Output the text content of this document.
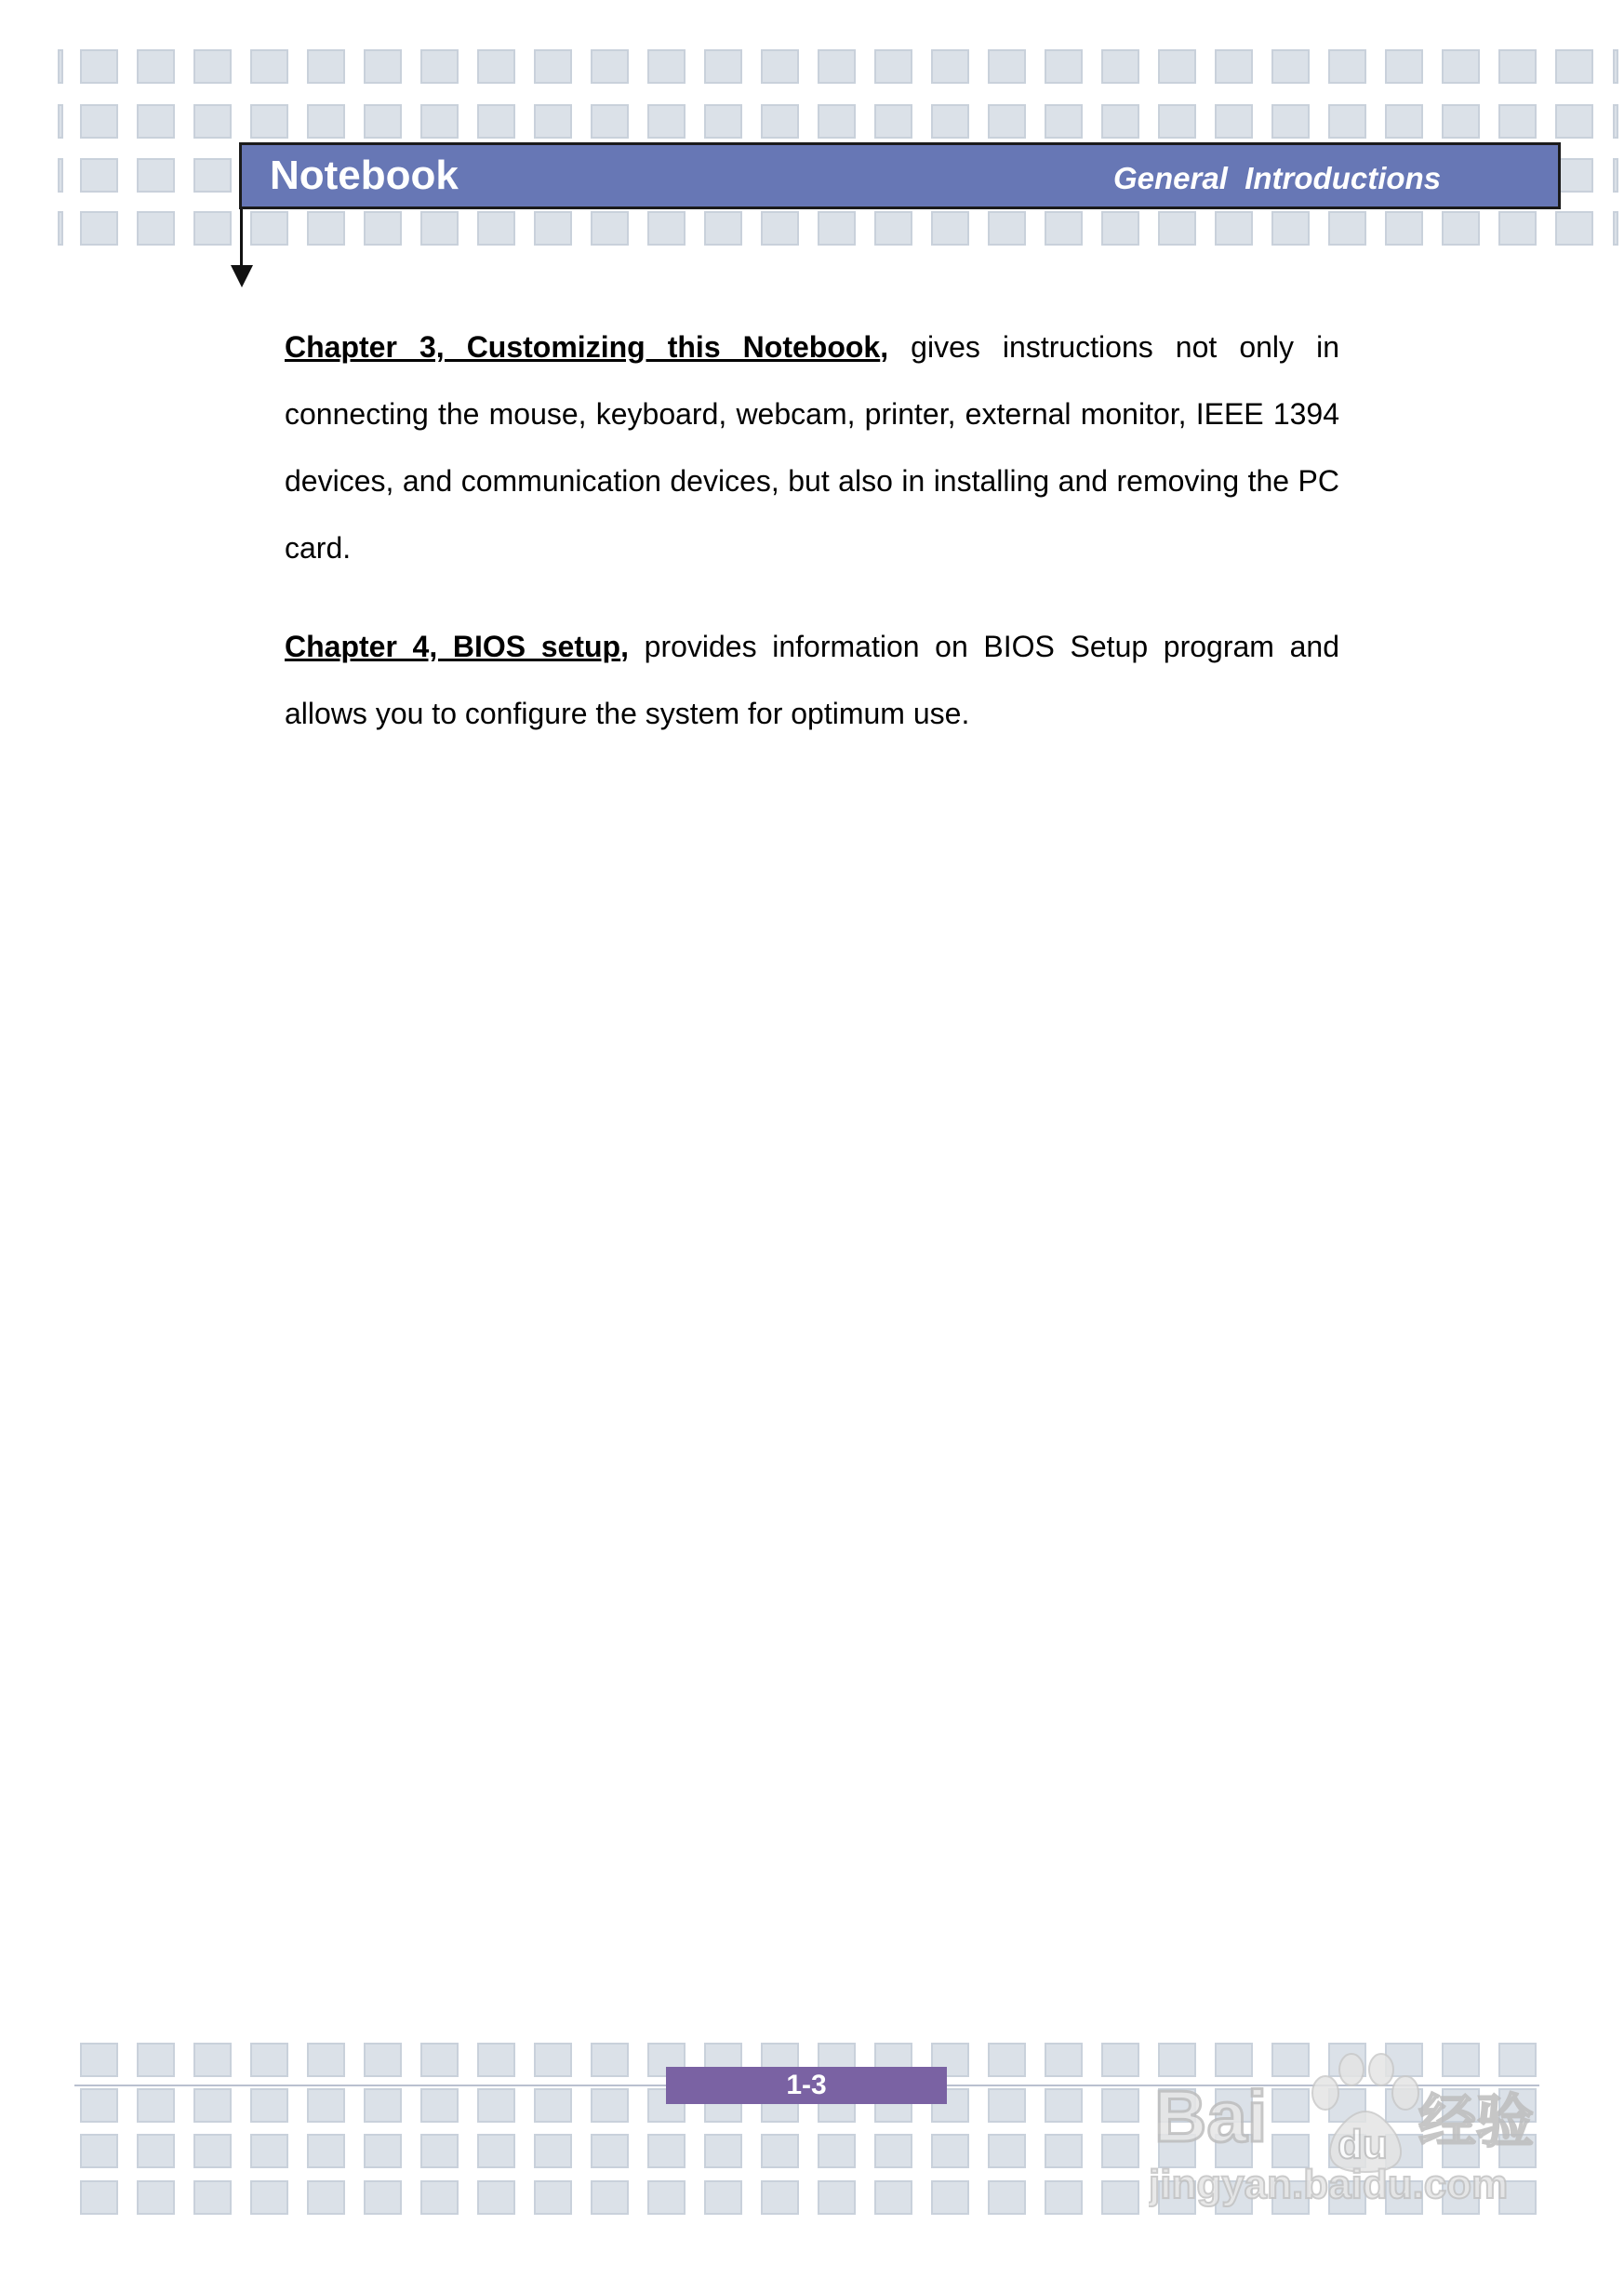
Notebook	General  Introductions

Chapter 3, Customizing this Notebook, gives instructions not only in connecting the mouse, keyboard, webcam, printer, external monitor, IEEE 1394 devices, and communication devices, but also in installing and removing the PC card.

Chapter 4, BIOS setup, provides information on BIOS Setup program and allows you to configure the system for optimum use.

1-3	Bai du 经验
jingyan.baidu.com
